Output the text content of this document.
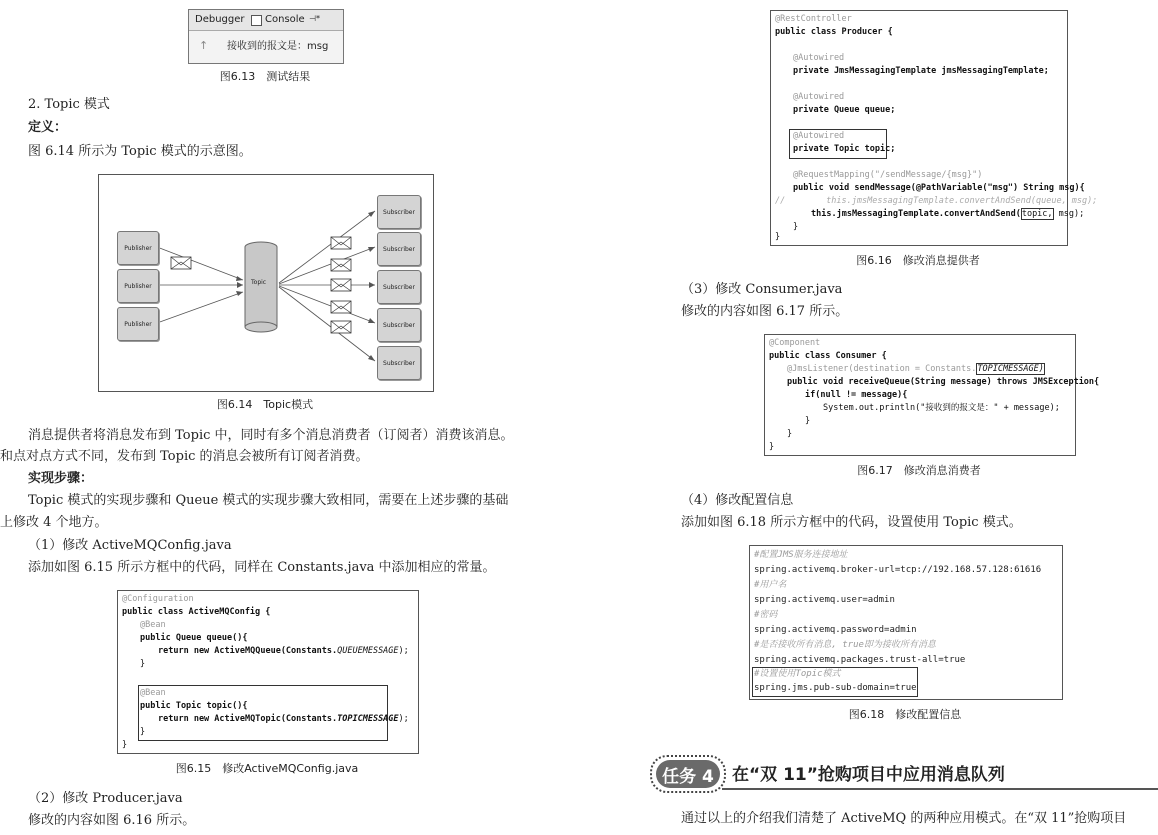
Debugger Console ⊣*
↑ 接收到的报文是：msg
图6.13　测试结果
2. Topic 模式
定义：
图 6.14 所示为 Topic 模式的示意图。
Publisher
Publisher
Publisher
Topic
Subscriber
Subscriber
Subscriber
Subscriber
Subscriber
图6.14　Topic模式
消息提供者将消息发布到 Topic 中，同时有多个消息消费者（订阅者）消费该消息。
和点对点方式不同，发布到 Topic 的消息会被所有订阅者消费。
实现步骤：
Topic 模式的实现步骤和 Queue 模式的实现步骤大致相同，需要在上述步骤的基础
上修改 4 个地方。
（1）修改 ActiveMQConfig.java
添加如图 6.15 所示方框中的代码，同样在 Constants.java 中添加相应的常量。
@Configuration
public class ActiveMQConfig {
@Bean
public Queue queue(){
return new ActiveMQQueue(Constants.QUEUEMESSAGE);
}
@Bean
public Topic topic(){
return new ActiveMQTopic(Constants.TOPICMESSAGE);
}
}
图6.15　修改ActiveMQConfig.java
（2）修改 Producer.java
修改的内容如图 6.16 所示。
@RestController
public class Producer {
@Autowired
private JmsMessagingTemplate jmsMessagingTemplate;
@Autowired
private Queue queue;
@Autowired
private Topic topic;
@RequestMapping("/sendMessage/{msg}")
public void sendMessage(@PathVariable("msg") String msg){
//        this.jmsMessagingTemplate.convertAndSend(queue, msg);
this.jmsMessagingTemplate.convertAndSend(topic, msg);
}
}
图6.16　修改消息提供者
（3）修改 Consumer.java
修改的内容如图 6.17 所示。
@Component
public class Consumer {
@JmsListener(destination = Constants.TOPICMESSAGE)
public void receiveQueue(String message) throws JMSException{
if(null != message){
System.out.println("接收到的报文是：" + message);
}
}
}
图6.17　修改消息消费者
（4）修改配置信息
添加如图 6.18 所示方框中的代码，设置使用 Topic 模式。
#配置JMS服务连接地址
spring.activemq.broker-url=tcp://192.168.57.128:61616
#用户名
spring.activemq.user=admin
#密码
spring.activemq.password=admin
#是否接收所有消息, true即为接收所有消息
spring.activemq.packages.trust-all=true
#设置使用Topic模式
spring.jms.pub-sub-domain=true
图6.18　修改配置信息
任务 4	在“双 11”抢购项目中应用消息队列
通过以上的介绍我们清楚了 ActiveMQ 的两种应用模式。在“双 11”抢购项目
